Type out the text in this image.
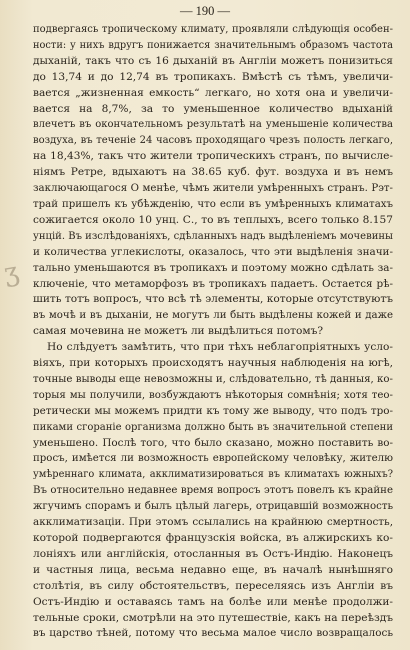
— 190 —
ʒ
подвергаясь тропическому климату, проявляли слѣдующія особен-
ности: у нихъ вдругъ понижается значительнымъ образомъ частота
дыханій, такъ что съ 16 дыханій въ Англіи можетъ понизиться
до 13,74 и до 12,74 въ тропикахъ. Вмѣстѣ съ тѣмъ, увеличи-
вается „жизненная емкость“ легкаго, но хотя она и увеличи-
вается на 8,7%, за то уменьшенное количество вдыханій
влечетъ въ окончательномъ результатѣ на уменьшеніе количества
воздуха, въ теченіе 24 часовъ проходящаго чрезъ полость легкаго,
на 18,43%, такъ что жители тропическихъ странъ, по вычисле-
ніямъ Ретре, вдыхаютъ на 38.65 куб. фут. воздуха и въ немъ
заключающагося O менѣе, чѣмъ жители умѣренныхъ странъ. Рэт-
трай пришелъ къ убѣжденію, что если въ умѣренныхъ климатахъ
сожигается около 10 унц. С., то въ теплыхъ, всего только 8.157
унцій. Въ изслѣдованіяхъ, сдѣланныхъ надъ выдѣленіемъ мочевины
и количества углекислоты, оказалось, что эти выдѣленія значи-
тально уменьшаются въ тропикахъ и поэтому можно сдѣлать за-
ключеніе, что метаморфозъ въ тропикахъ падаетъ. Остается рѣ-
шить тотъ вопросъ, что всѣ тѣ элементы, которые отсутствуютъ
въ мочѣ и въ дыханіи, не могутъ ли быть выдѣлены кожей и даже
самая мочевина не можетъ ли выдѣлиться потомъ?
Но слѣдуетъ замѣтить, что при тѣхъ неблагопріятныхъ усло-
віяхъ, при которыхъ происходятъ научныя наблюденія на югѣ,
точные выводы еще невозможны и, слѣдовательно, тѣ данныя, ко-
торыя мы получили, возбуждаютъ нѣкоторыя сомнѣнія; хотя тео-
ретически мы можемъ придти къ тому же выводу, что подъ тро-
пиками сгораніе организма должно быть въ значительной степени
уменьшено. Послѣ того, что было сказано, можно поставить во-
просъ, имѣется ли возможность европейскому человѣку, жителю
умѣреннаго климата, акклиматизироваться въ климатахъ южныхъ?
Въ относительно недавнее время вопросъ этотъ повелъ къ крайне
жгучимъ спорамъ и былъ цѣлый лагерь, отрицавшій возможность
акклиматизаціи. При этомъ ссылались на крайнюю смертность,
которой подвергаются французскія войска, въ алжирскихъ ко-
лоніяхъ или англійскія, отосланныя въ Остъ-Индію. Наконецъ
и частныя лица, весьма недавно еще, въ началѣ нынѣшняго
столѣтія, въ силу обстоятельствъ, переселяясь изъ Англіи въ
Остъ-Индію и оставаясь тамъ на болѣе или менѣе продолжи-
тельные сроки, смотрѣли на это путешествіе, какъ на переѣздъ
въ царство тѣней, потому что весьма малое число возвращалось
